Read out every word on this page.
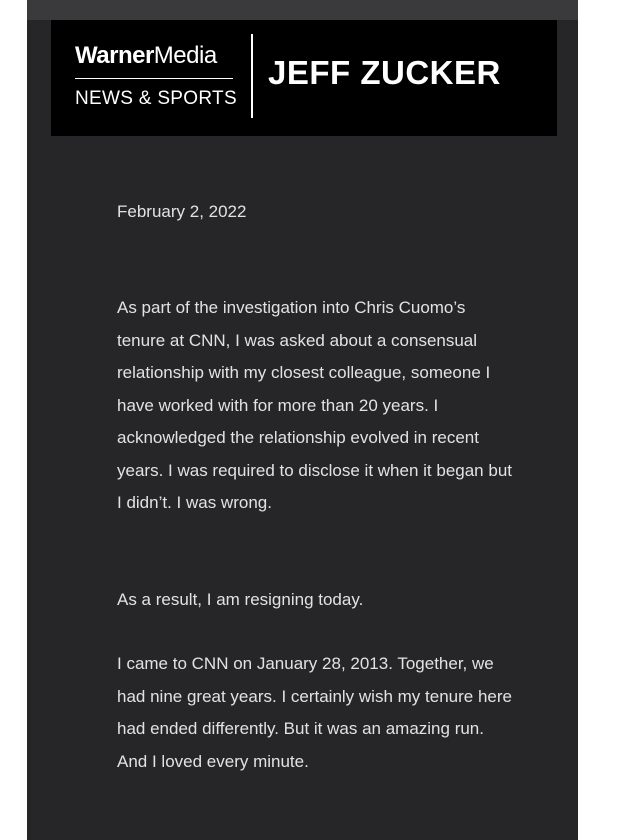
WarnerMedia
NEWS & SPORTS
JEFF ZUCKER

February 2, 2022

As part of the investigation into Chris Cuomo’s tenure at CNN, I was asked about a consensual relationship with my closest colleague, someone I have worked with for more than 20 years. I acknowledged the relationship evolved in recent years. I was required to disclose it when it began but I didn’t. I was wrong.

As a result, I am resigning today.

I came to CNN on January 28, 2013. Together, we had nine great years. I certainly wish my tenure here had ended differently. But it was an amazing run. And I loved every minute.
